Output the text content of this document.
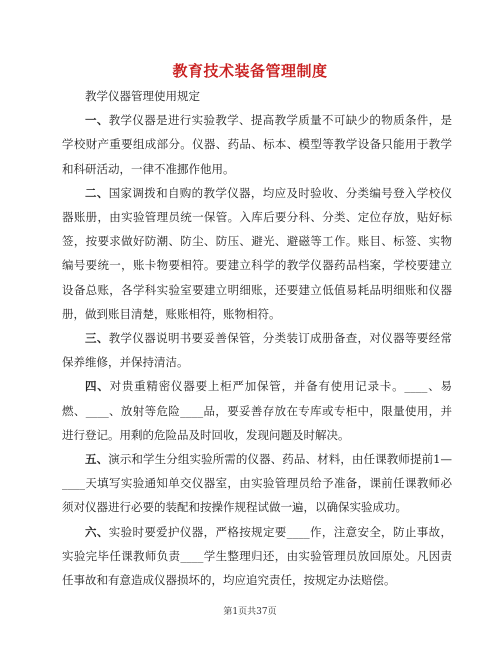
教育技术装备管理制度

教学仪器管理使用规定

一、教学仪器是进行实验教学、提高教学质量不可缺少的物质条件，是学校财产重要组成部分。仪器、药品、标本、模型等教学设备只能用于教学和科研活动，一律不准挪作他用。

二、国家调拨和自购的教学仪器，均应及时验收、分类编号登入学校仪器账册，由实验管理员统一保管。入库后要分科、分类、定位存放，贴好标签，按要求做好防潮、防尘、防压、避光、避磁等工作。账目、标签、实物编号要统一，账卡物要相符。要建立科学的教学仪器药品档案，学校要建立设备总账，各学科实验室要建立明细账，还要建立低值易耗品明细账和仪器册，做到账目清楚，账账相符，账物相符。

三、教学仪器说明书要妥善保管，分类装订成册备查，对仪器等要经常保养维修，并保持清洁。

四、对贵重精密仪器要上柜严加保管，并备有使用记录卡。____、易燃、____、放射等危险____品，要妥善存放在专库或专柜中，限量使用，并进行登记。用剩的危险品及时回收，发现问题及时解决。

五、演示和学生分组实验所需的仪器、药品、材料，由任课教师提前1—____天填写实验通知单交仪器室，由实验管理员给予准备，课前任课教师必须对仪器进行必要的装配和按操作规程试做一遍，以确保实验成功。

六、实验时要爱护仪器，严格按规定要____作，注意安全，防止事故，实验完毕任课教师负责____学生整理归还，由实验管理员放回原处。凡因责任事故和有意造成仪器损坏的，均应追究责任，按规定办法赔偿。

第1页共37页
